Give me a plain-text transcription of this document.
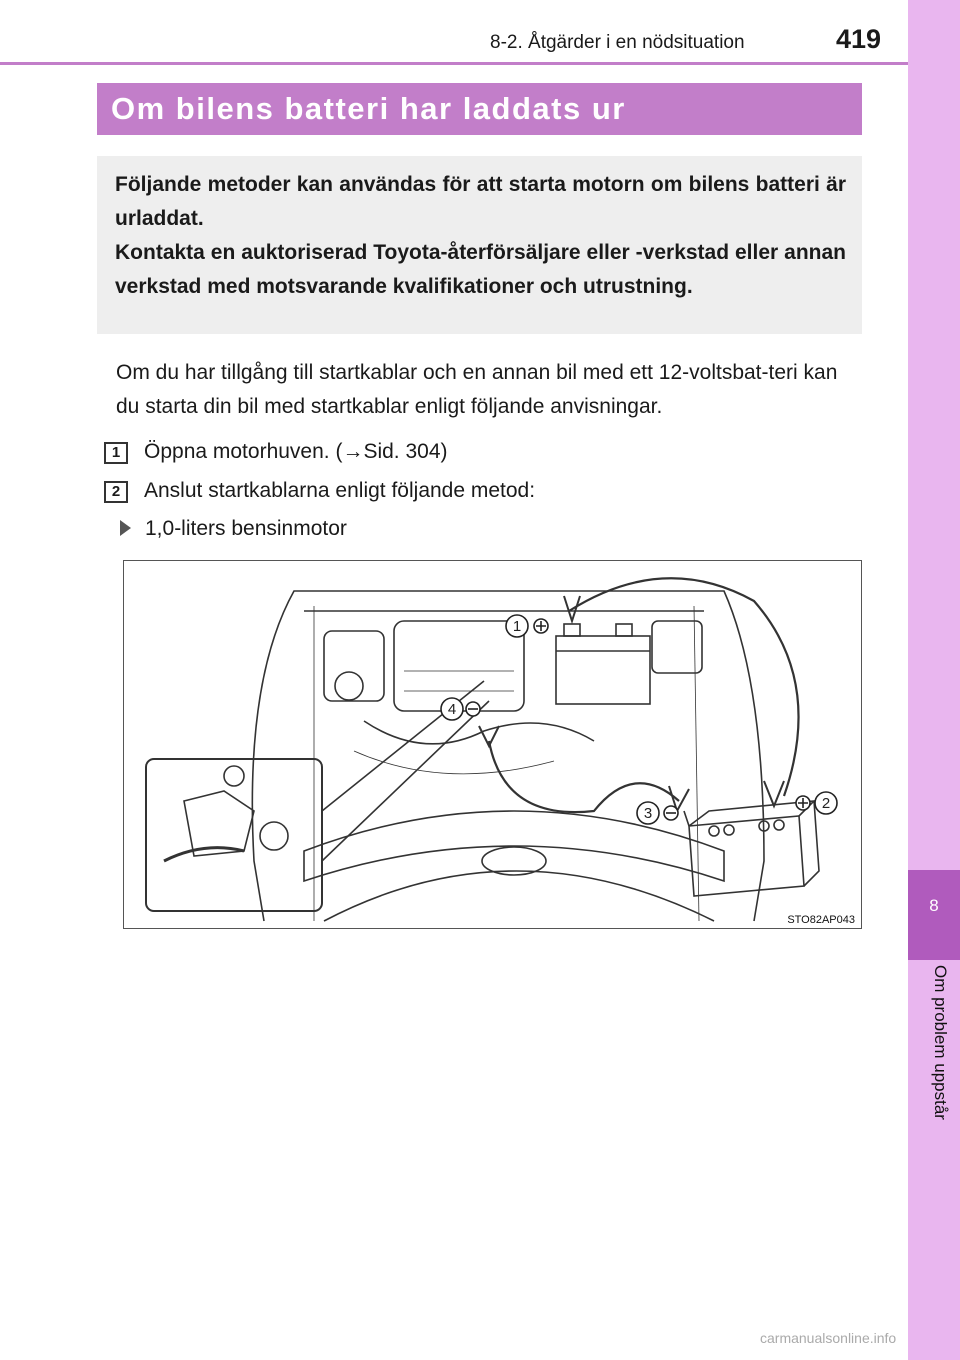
8
Om problem uppstår
8-2. Åtgärder i en nödsituation	419
Om bilens batteri har laddats ur

Följande metoder kan användas för att starta motorn om bilens batteri är urladdat.

Kontakta en auktoriserad Toyota-återförsäljare eller -verkstad eller annan verkstad med motsvarande kvalifikationer och utrustning.

Om du har tillgång till startkablar och en annan bil med ett 12-voltsbat-teri kan du starta din bil med startkablar enligt följande anvisningar.

1	Öppna motorhuven. (→Sid. 304)
2	Anslut startkablarna enligt följande metod:
1,0-liters bensinmotor
1
2
3
4
STO82AP043
carmanualsonline.info
